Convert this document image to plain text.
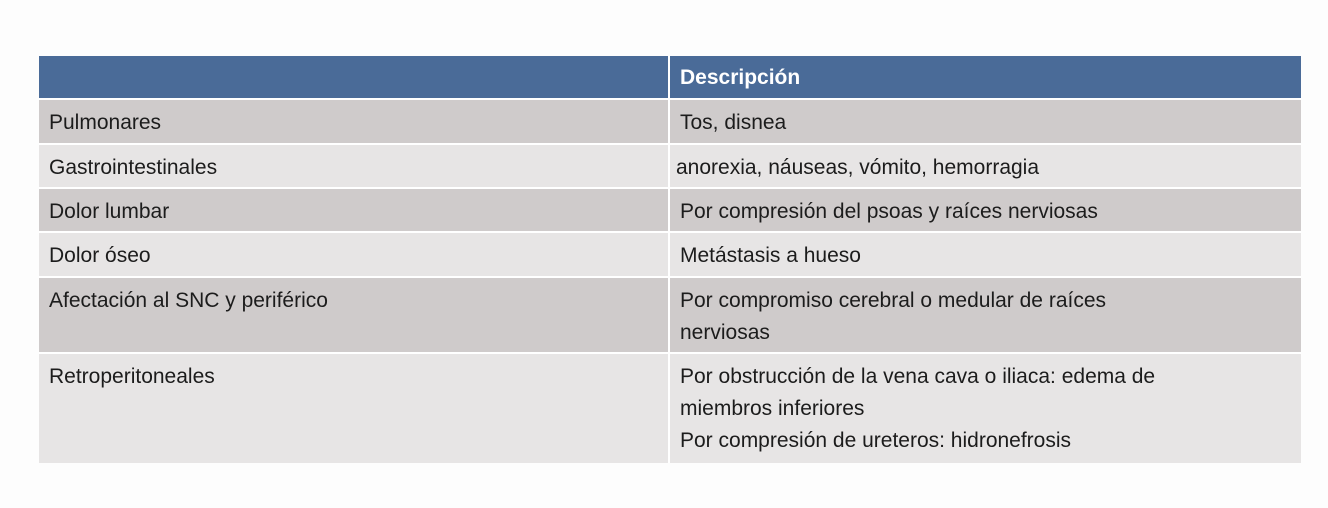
Descripción
Pulmonares	Tos, disnea
Gastrointestinales	anorexia, náuseas, vómito, hemorragia
Dolor lumbar	Por compresión del psoas y raíces nerviosas
Dolor óseo	Metástasis a hueso
Afectación al SNC y periférico	Por compromiso cerebral o medular de raíces
nerviosas
Retroperitoneales	Por obstrucción de la vena cava o iliaca: edema de
miembros inferiores
Por compresión de ureteros: hidronefrosis
